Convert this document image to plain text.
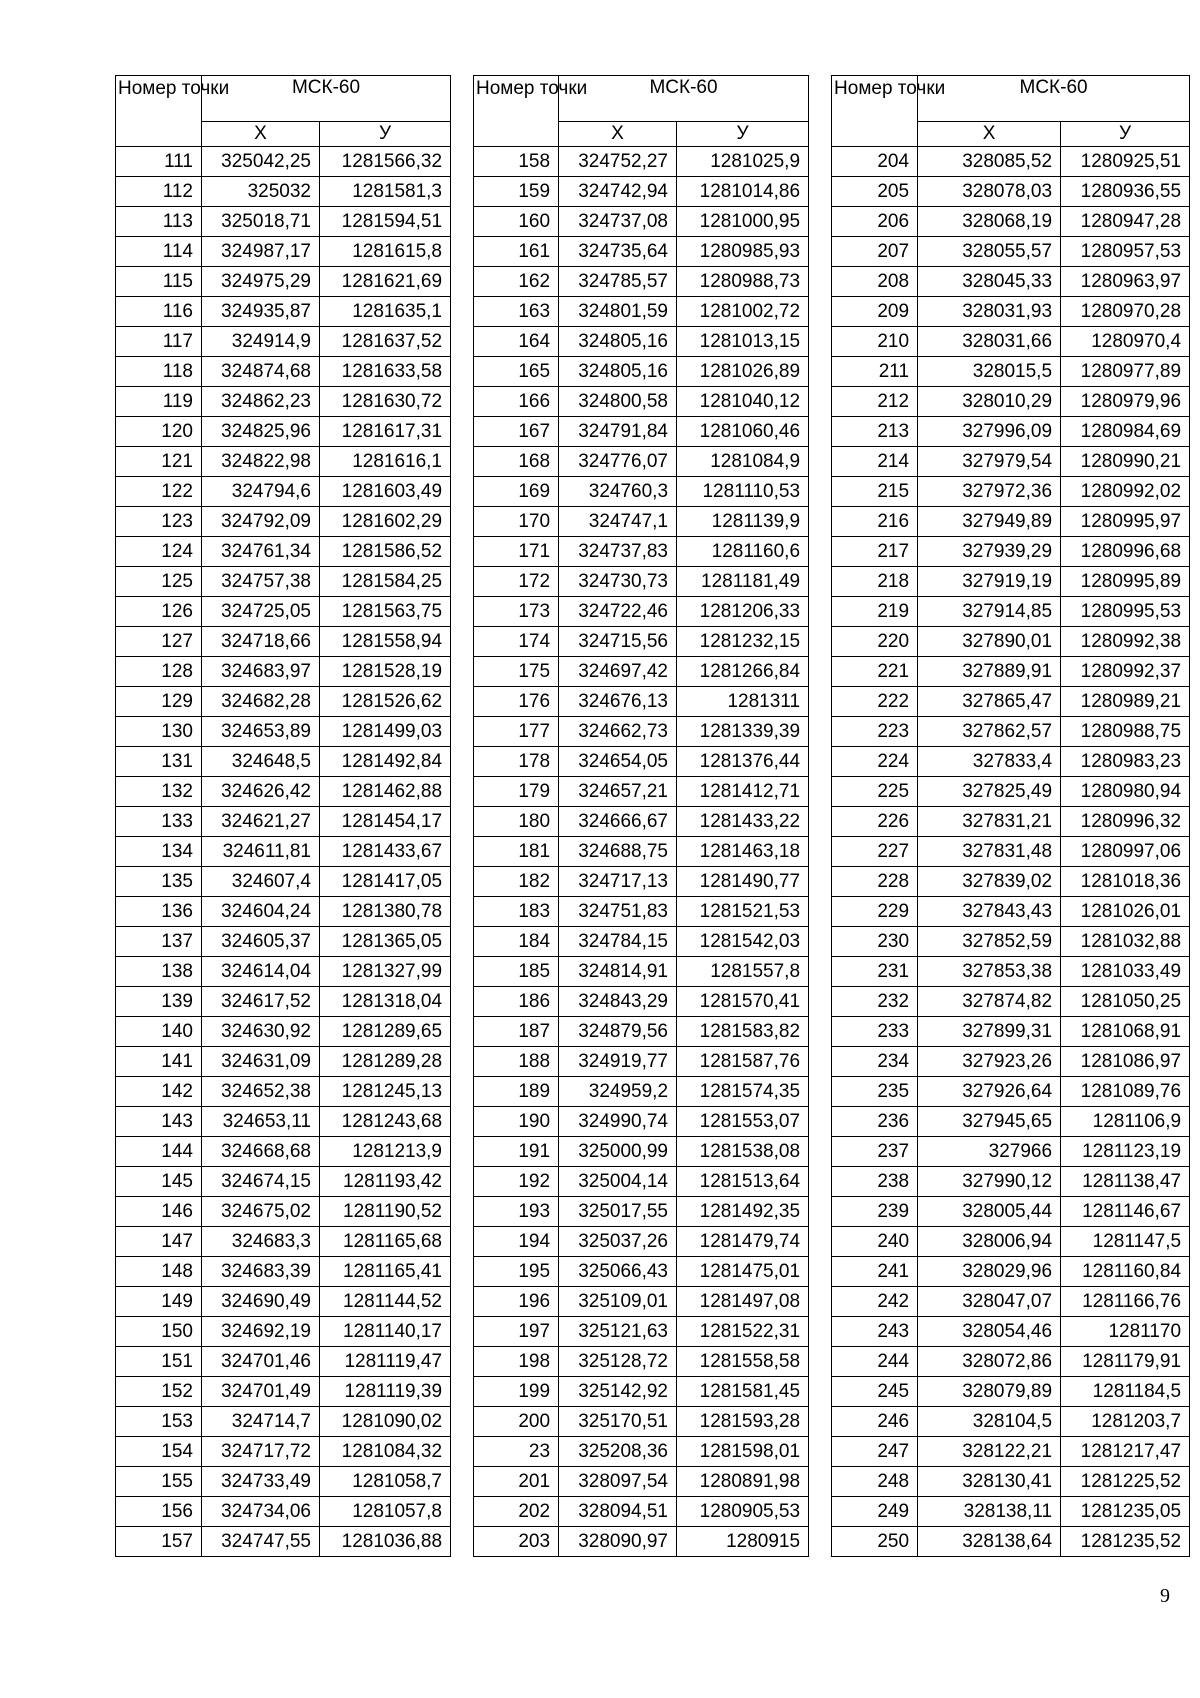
Номер точки	МСК-60	
	Х	У
111	325042,25	1281566,32
112	325032	1281581,3
113	325018,71	1281594,51
114	324987,17	1281615,8
115	324975,29	1281621,69
116	324935,87	1281635,1
117	324914,9	1281637,52
118	324874,68	1281633,58
119	324862,23	1281630,72
120	324825,96	1281617,31
121	324822,98	1281616,1
122	324794,6	1281603,49
123	324792,09	1281602,29
124	324761,34	1281586,52
125	324757,38	1281584,25
126	324725,05	1281563,75
127	324718,66	1281558,94
128	324683,97	1281528,19
129	324682,28	1281526,62
130	324653,89	1281499,03
131	324648,5	1281492,84
132	324626,42	1281462,88
133	324621,27	1281454,17
134	324611,81	1281433,67
135	324607,4	1281417,05
136	324604,24	1281380,78
137	324605,37	1281365,05
138	324614,04	1281327,99
139	324617,52	1281318,04
140	324630,92	1281289,65
141	324631,09	1281289,28
142	324652,38	1281245,13
143	324653,11	1281243,68
144	324668,68	1281213,9
145	324674,15	1281193,42
146	324675,02	1281190,52
147	324683,3	1281165,68
148	324683,39	1281165,41
149	324690,49	1281144,52
150	324692,19	1281140,17
151	324701,46	1281119,47
152	324701,49	1281119,39
153	324714,7	1281090,02
154	324717,72	1281084,32
155	324733,49	1281058,7
156	324734,06	1281057,8
157	324747,55	1281036,88
Номер точки	МСК-60	
	Х	У
158	324752,27	1281025,9
159	324742,94	1281014,86
160	324737,08	1281000,95
161	324735,64	1280985,93
162	324785,57	1280988,73
163	324801,59	1281002,72
164	324805,16	1281013,15
165	324805,16	1281026,89
166	324800,58	1281040,12
167	324791,84	1281060,46
168	324776,07	1281084,9
169	324760,3	1281110,53
170	324747,1	1281139,9
171	324737,83	1281160,6
172	324730,73	1281181,49
173	324722,46	1281206,33
174	324715,56	1281232,15
175	324697,42	1281266,84
176	324676,13	1281311
177	324662,73	1281339,39
178	324654,05	1281376,44
179	324657,21	1281412,71
180	324666,67	1281433,22
181	324688,75	1281463,18
182	324717,13	1281490,77
183	324751,83	1281521,53
184	324784,15	1281542,03
185	324814,91	1281557,8
186	324843,29	1281570,41
187	324879,56	1281583,82
188	324919,77	1281587,76
189	324959,2	1281574,35
190	324990,74	1281553,07
191	325000,99	1281538,08
192	325004,14	1281513,64
193	325017,55	1281492,35
194	325037,26	1281479,74
195	325066,43	1281475,01
196	325109,01	1281497,08
197	325121,63	1281522,31
198	325128,72	1281558,58
199	325142,92	1281581,45
200	325170,51	1281593,28
23	325208,36	1281598,01
201	328097,54	1280891,98
202	328094,51	1280905,53
203	328090,97	1280915
Номер точки	МСК-60	
	Х	У
204	328085,52	1280925,51
205	328078,03	1280936,55
206	328068,19	1280947,28
207	328055,57	1280957,53
208	328045,33	1280963,97
209	328031,93	1280970,28
210	328031,66	1280970,4
211	328015,5	1280977,89
212	328010,29	1280979,96
213	327996,09	1280984,69
214	327979,54	1280990,21
215	327972,36	1280992,02
216	327949,89	1280995,97
217	327939,29	1280996,68
218	327919,19	1280995,89
219	327914,85	1280995,53
220	327890,01	1280992,38
221	327889,91	1280992,37
222	327865,47	1280989,21
223	327862,57	1280988,75
224	327833,4	1280983,23
225	327825,49	1280980,94
226	327831,21	1280996,32
227	327831,48	1280997,06
228	327839,02	1281018,36
229	327843,43	1281026,01
230	327852,59	1281032,88
231	327853,38	1281033,49
232	327874,82	1281050,25
233	327899,31	1281068,91
234	327923,26	1281086,97
235	327926,64	1281089,76
236	327945,65	1281106,9
237	327966	1281123,19
238	327990,12	1281138,47
239	328005,44	1281146,67
240	328006,94	1281147,5
241	328029,96	1281160,84
242	328047,07	1281166,76
243	328054,46	1281170
244	328072,86	1281179,91
245	328079,89	1281184,5
246	328104,5	1281203,7
247	328122,21	1281217,47
248	328130,41	1281225,52
249	328138,11	1281235,05
250	328138,64	1281235,52
9
